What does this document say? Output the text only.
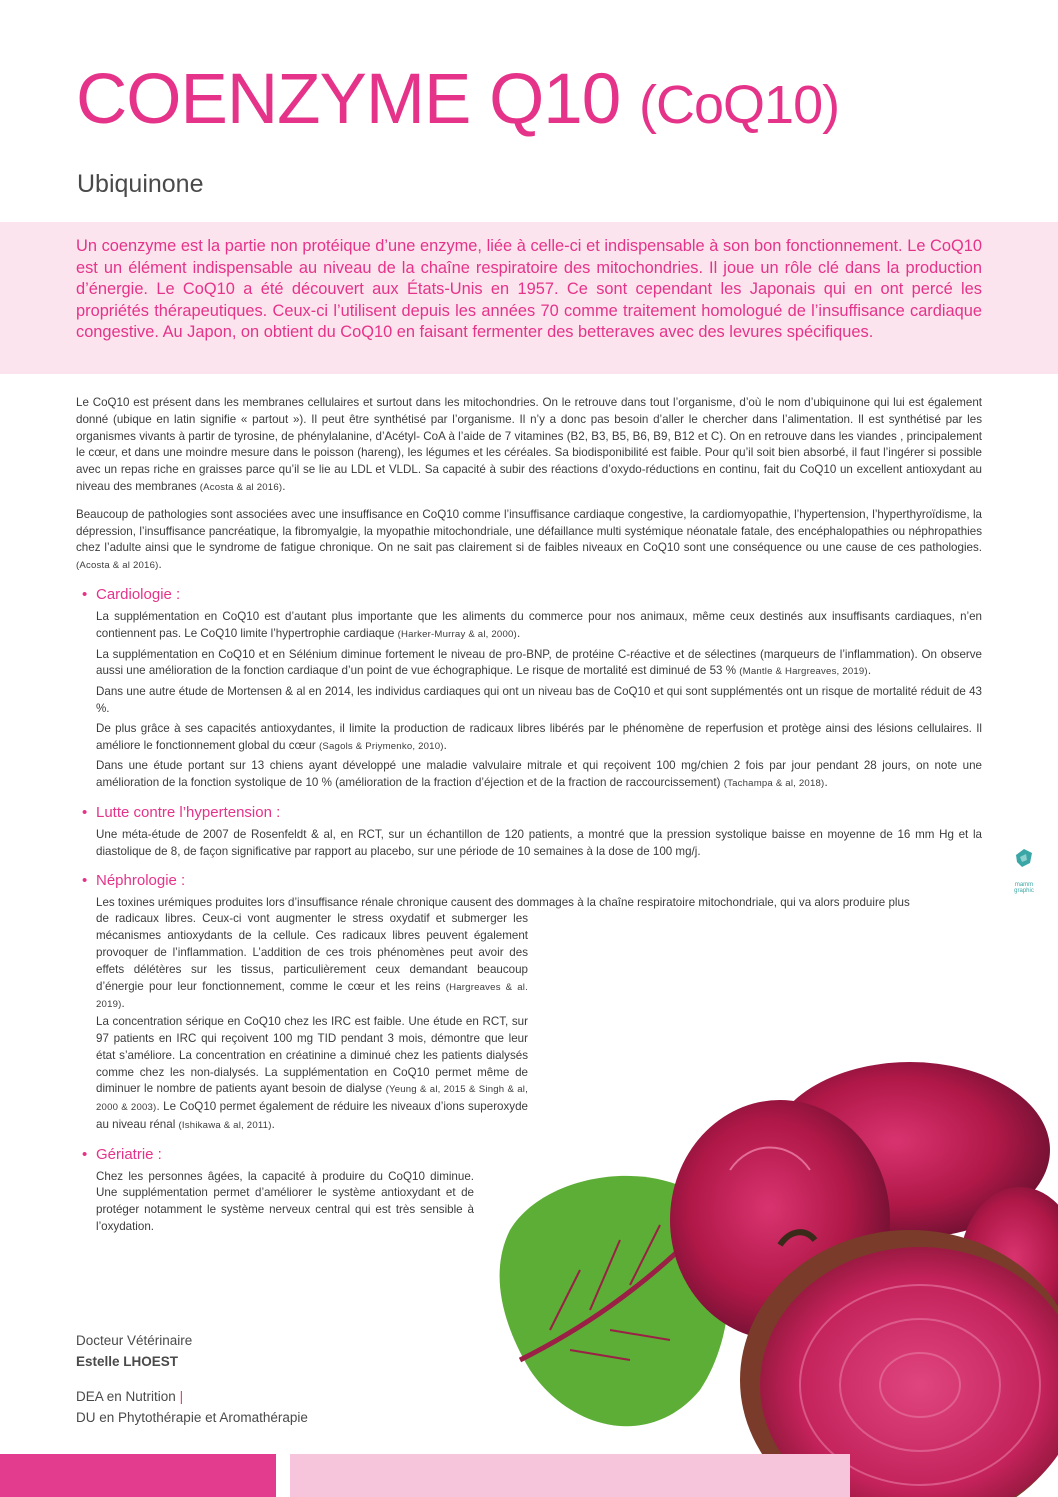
COENZYME Q10 (CoQ10)
Ubiquinone

Un coenzyme est la partie non protéique d’une enzyme, liée à celle-ci et indispensable à son bon fonctionnement. Le CoQ10 est un élément indispensable au niveau de la chaîne respiratoire des mitochondries. Il joue un rôle clé dans la production d’énergie. Le CoQ10 a été découvert aux États-Unis en 1957. Ce sont cependant les Japonais qui en ont percé les propriétés thérapeutiques. Ceux-ci l’utilisent depuis les années 70 comme traitement homologué de l’insuffisance cardiaque congestive. Au Japon, on obtient du CoQ10 en faisant fermenter des betteraves avec des levures spécifiques.

Le CoQ10 est présent dans les membranes cellulaires et surtout dans les mitochondries. On le retrouve dans tout l’organisme, d’où le nom d’ubiquinone qui lui est également donné (ubique en latin signifie « partout »). Il peut être synthétisé par l’organisme. Il n’y a donc pas besoin d’aller le chercher dans l’alimentation. Il est synthétisé par les organismes vivants à partir de tyrosine, de phénylalanine, d’Acétyl- CoA à l’aide de 7 vitamines (B2, B3, B5, B6, B9, B12 et C). On en retrouve dans les viandes , principalement le cœur, et dans une moindre mesure dans le poisson (hareng), les légumes et les céréales. Sa biodisponibilité est faible. Pour qu’il soit bien absorbé, il faut l’ingérer si possible avec un repas riche en graisses parce qu’il se lie au LDL et VLDL. Sa capacité à subir des réactions d’oxydo-réductions en continu, fait du CoQ10 un excellent antioxydant au niveau des membranes (Acosta & al 2016).

Beaucoup de pathologies sont associées avec une insuffisance en CoQ10 comme l’insuffisance cardiaque congestive, la cardiomyopathie, l’hypertension, l’hyperthyroïdisme, la dépression, l’insuffisance pancréatique, la fibromyalgie, la myopathie mitochondriale, une défaillance multi systémique néonatale fatale, des encéphalopathies ou néphropathies chez l’adulte ainsi que le syndrome de fatigue chronique. On ne sait pas clairement si de faibles niveaux en CoQ10 sont une conséquence ou une cause de ces pathologies. (Acosta & al 2016).

• Cardiologie :

La supplémentation en CoQ10 est d’autant plus importante que les aliments du commerce pour nos animaux, même ceux destinés aux insuffisants cardiaques, n’en contiennent pas. Le CoQ10 limite l’hypertrophie cardiaque (Harker-Murray & al, 2000).

La supplémentation en CoQ10 et en Sélénium diminue fortement le niveau de pro-BNP, de protéine C-réactive et de sélectines (marqueurs de l’inflammation). On observe aussi une amélioration de la fonction cardiaque d’un point de vue échographique. Le risque de mortalité est diminué de 53 % (Mantle & Hargreaves, 2019).

Dans une autre étude de Mortensen & al en 2014, les individus cardiaques qui ont un niveau bas de CoQ10 et qui sont supplémentés ont un risque de mortalité réduit de 43 %.

De plus grâce à ses capacités antioxydantes, il limite la production de radicaux libres libérés par le phénomène de reperfusion et protège ainsi des lésions cellulaires. Il améliore le fonctionnement global du cœur (Sagols & Priymenko, 2010).

Dans une étude portant sur 13 chiens ayant développé une maladie valvulaire mitrale et qui reçoivent 100 mg/chien 2 fois par jour pendant 28 jours, on note une amélioration de la fonction systolique de 10 % (amélioration de la fraction d’éjection et de la fraction de raccourcissement) (Tachampa & al, 2018).

• Lutte contre l’hypertension :

Une méta-étude de 2007 de Rosenfeldt & al, en RCT, sur un échantillon de 120 patients, a montré que la pression systolique baisse en moyenne de 16 mm Hg et la diastolique de 8, de façon significative par rapport au placebo, sur une période de 10 semaines à la dose de 100 mg/j.

• Néphrologie :

Les toxines urémiques produites lors d’insuffisance rénale chronique causent des dommages à la chaîne respiratoire mitochondriale, qui va alors produire plus

de radicaux libres. Ceux-ci vont augmenter le stress oxydatif et submerger les mécanismes antioxydants de la cellule. Ces radicaux libres peuvent également provoquer de l’inflammation. L’addition de ces trois phénomènes peut avoir des effets délétères sur les tissus, particulièrement ceux demandant beaucoup d’énergie pour leur fonctionnement, comme le cœur et les reins (Hargreaves & al. 2019).

La concentration sérique en CoQ10 chez les IRC est faible. Une étude en RCT, sur 97 patients en IRC qui reçoivent 100 mg TID pendant 3 mois, démontre que leur état s’améliore. La concentration en créatinine a diminué chez les patients dialysés comme chez les non-dialysés. La supplémentation en CoQ10 permet même de diminuer le nombre de patients ayant besoin de dialyse (Yeung & al, 2015 & Singh & al, 2000 & 2003). Le CoQ10 permet également de réduire les niveaux d’ions superoxyde au niveau rénal (Ishikawa & al, 2011).

• Gériatrie :

Chez les personnes âgées, la capacité à produire du CoQ10 diminue. Une supplémentation permet d’améliorer le système antioxydant et de protéger notamment le système nerveux central qui est très sensible à l’oxydation.

Docteur Vétérinaire
Estelle LHOEST
DEA en Nutrition |
DU en Phytothérapie et Aromathérapie
mamm graphic
